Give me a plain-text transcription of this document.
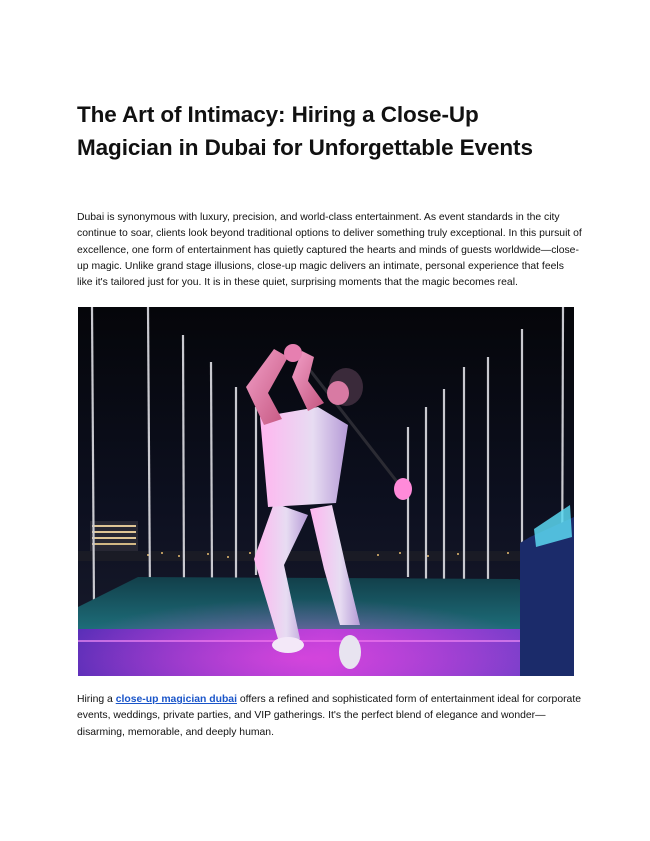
The Art of Intimacy: Hiring a Close-Up Magician in Dubai for Unforgettable Events

Dubai is synonymous with luxury, precision, and world-class entertainment. As event standards in the city continue to soar, clients look beyond traditional options to deliver something truly exceptional. In this pursuit of excellence, one form of entertainment has quietly captured the hearts and minds of guests worldwide—close-up magic. Unlike grand stage illusions, close-up magic delivers an intimate, personal experience that feels like it's tailored just for you. It is in these quiet, surprising moments that the magic becomes real.

Hiring a close-up magician dubai offers a refined and sophisticated form of entertainment ideal for corporate events, weddings, private parties, and VIP gatherings. It's the perfect blend of elegance and wonder—disarming, memorable, and deeply human.
